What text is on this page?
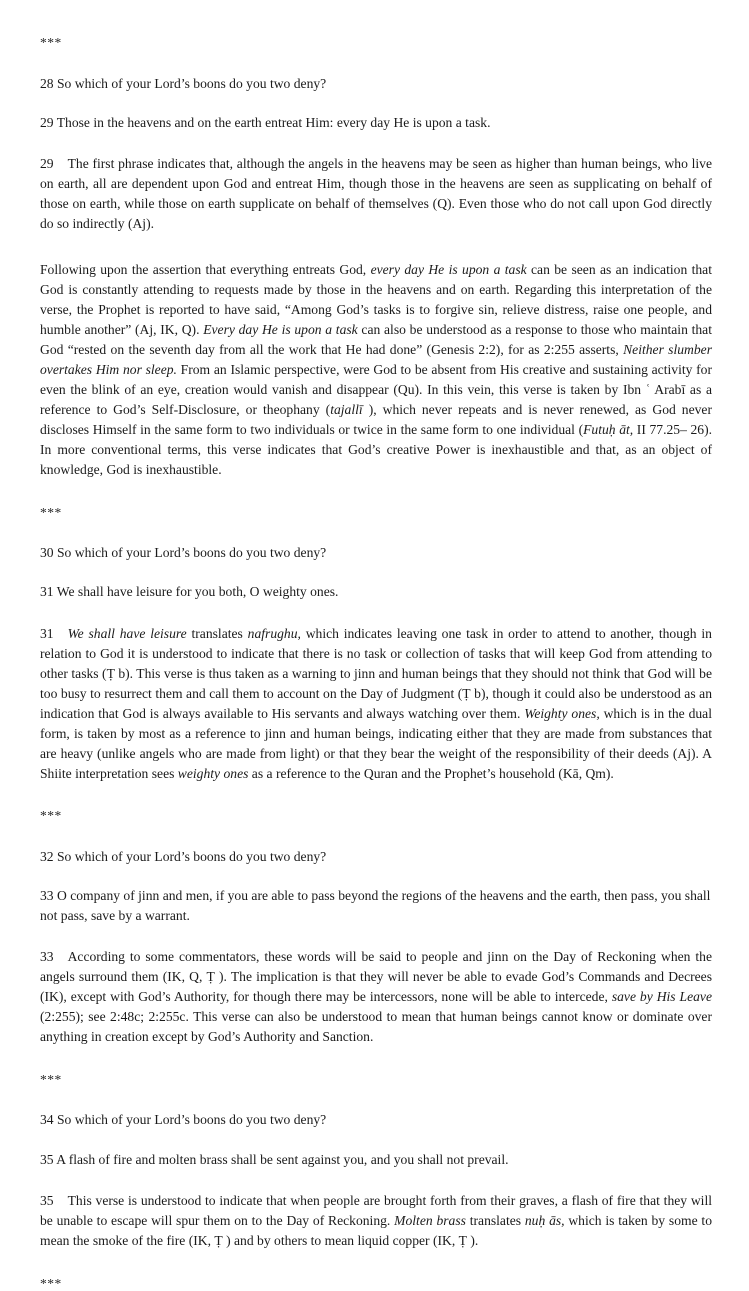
***

28 So which of your Lord’s boons do you two deny?

29 Those in the heavens and on the earth entreat Him: every day He is upon a task.

29 The first phrase indicates that, although the angels in the heavens may be seen as higher than human beings, who live on earth, all are dependent upon God and entreat Him, though those in the heavens are seen as supplicating on behalf of those on earth, while those on earth supplicate on behalf of themselves (Q). Even those who do not call upon God directly do so indirectly (Aj).

Following upon the assertion that everything entreats God, every day He is upon a task can be seen as an indication that God is constantly attending to requests made by those in the heavens and on earth. Regarding this interpretation of the verse, the Prophet is reported to have said, “Among God’s tasks is to forgive sin, relieve distress, raise one people, and humble another” (Aj, IK, Q). Every day He is upon a task can also be understood as a response to those who maintain that God “rested on the seventh day from all the work that He had done” (Genesis 2:2), for as 2:255 asserts, Neither slumber overtakes Him nor sleep. From an Islamic perspective, were God to be absent from His creative and sustaining activity for even the blink of an eye, creation would vanish and disappear (Qu). In this vein, this verse is taken by Ibn ʿ Arabī as a reference to God’s Self-Disclosure, or theophany (tajallī ), which never repeats and is never renewed, as God never discloses Himself in the same form to two individuals or twice in the same form to one individual (Futuḥ āt, II 77.25– 26). In more conventional terms, this verse indicates that God’s creative Power is inexhaustible and that, as an object of knowledge, God is inexhaustible.

***

30 So which of your Lord’s boons do you two deny?

31 We shall have leisure for you both, O weighty ones.

31 We shall have leisure translates nafrughu, which indicates leaving one task in order to attend to another, though in relation to God it is understood to indicate that there is no task or collection of tasks that will keep God from attending to other tasks (Ṭ b). This verse is thus taken as a warning to jinn and human beings that they should not think that God will be too busy to resurrect them and call them to account on the Day of Judgment (Ṭ b), though it could also be understood as an indication that God is always available to His servants and always watching over them. Weighty ones, which is in the dual form, is taken by most as a reference to jinn and human beings, indicating either that they are made from substances that are heavy (unlike angels who are made from light) or that they bear the weight of the responsibility of their deeds (Aj). A Shiite interpretation sees weighty ones as a reference to the Quran and the Prophet’s household (Kā, Qm).

***

32 So which of your Lord’s boons do you two deny?

33 O company of jinn and men, if you are able to pass beyond the regions of the heavens and the earth, then pass, you shall not pass, save by a warrant.

33 According to some commentators, these words will be said to people and jinn on the Day of Reckoning when the angels surround them (IK, Q, Ṭ ). The implication is that they will never be able to evade God’s Commands and Decrees (IK), except with God’s Authority, for though there may be intercessors, none will be able to intercede, save by His Leave (2:255); see 2:48c; 2:255c. This verse can also be understood to mean that human beings cannot know or dominate over anything in creation except by God’s Authority and Sanction.

***

34 So which of your Lord’s boons do you two deny?

35 A flash of fire and molten brass shall be sent against you, and you shall not prevail.

35 This verse is understood to indicate that when people are brought forth from their graves, a flash of fire that they will be unable to escape will spur them on to the Day of Reckoning. Molten brass translates nuḥ ās, which is taken by some to mean the smoke of the fire (IK, Ṭ ) and by others to mean liquid copper (IK, Ṭ ).

***
